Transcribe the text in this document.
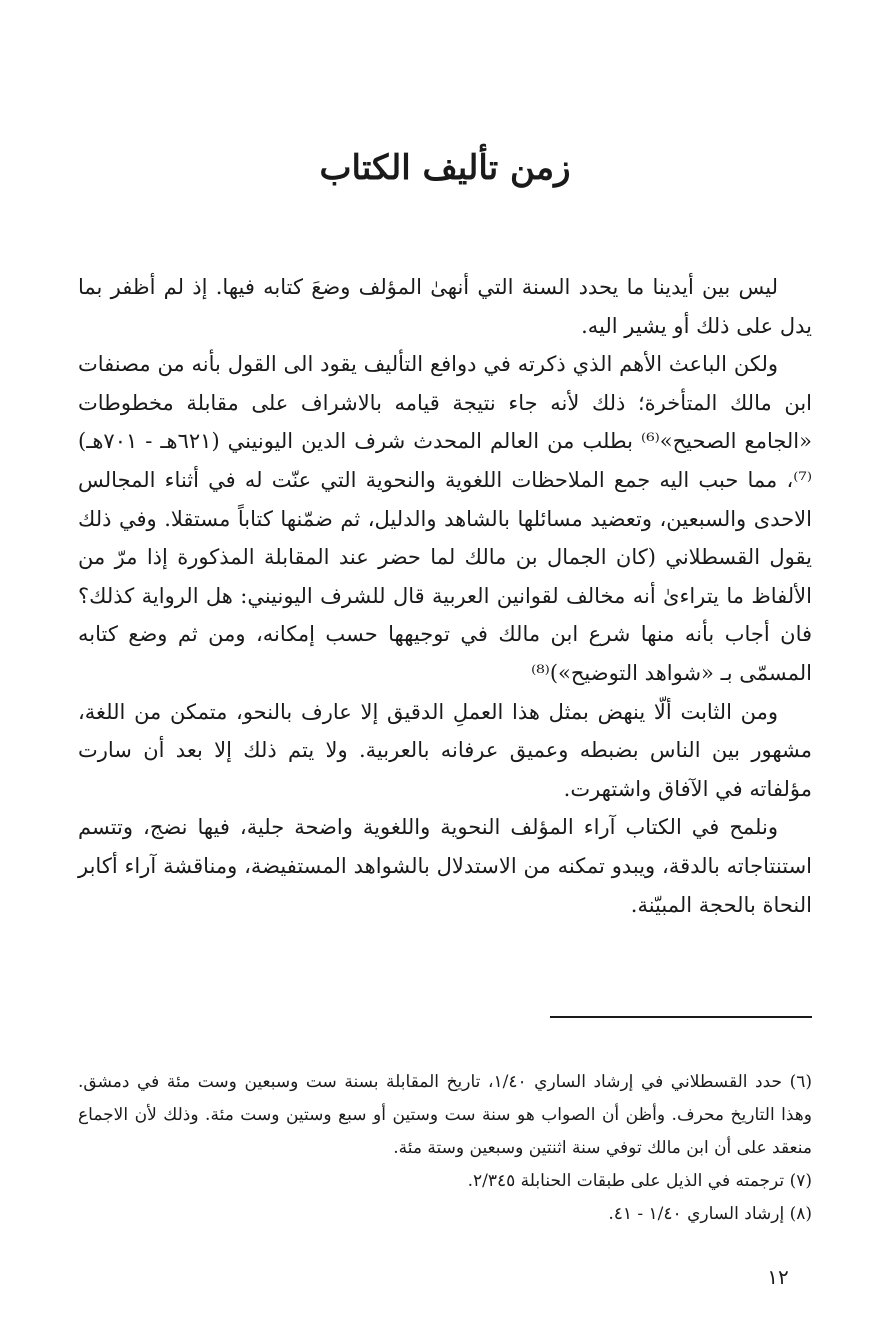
زمن تأليف الكتاب

ليس بين أيدينا ما يحدد السنة التي أنهىٰ المؤلف وضعَ كتابه فيها. إذ لم أظفر بما يدل على ذلك أو يشير اليه.

ولكن الباعث الأهم الذي ذكرته في دوافع التأليف يقود الى القول بأنه من مصنفات ابن مالك المتأخرة؛ ذلك لأنه جاء نتيجة قيامه بالاشراف على مقابلة مخطوطات «الجامع الصحيح»⁽⁶⁾ بطلب من العالم المحدث شرف الدين اليونيني (٦٢١هـ - ٧٠١هـ)⁽⁷⁾، مما حبب اليه جمع الملاحظات اللغوية والنحوية التي عنّت له في أثناء المجالس الاحدى والسبعين، وتعضيد مسائلها بالشاهد والدليل، ثم ضمّنها كتاباً مستقلا. وفي ذلك يقول القسطلاني (كان الجمال بن مالك لما حضر عند المقابلة المذكورة إذا مرّ من الألفاظ ما يتراءىٰ أنه مخالف لقوانين العربية قال للشرف اليونيني: هل الرواية كذلك؟ فان أجاب بأنه منها شرع ابن مالك في توجيهها حسب إمكانه، ومن ثم وضع كتابه المسمّى بـ «شواهد التوضيح»)⁽⁸⁾

ومن الثابت ألّا ينهض بمثل هذا العملِ الدقيق إلا عارف بالنحو، متمكن من اللغة، مشهور بين الناس بضبطه وعميق عرفانه بالعربية. ولا يتم ذلك إلا بعد أن سارت مؤلفاته في الآفاق واشتهرت.

ونلمح في الكتاب آراء المؤلف النحوية واللغوية واضحة جلية، فيها نضج، وتتسم استنتاجاته بالدقة، ويبدو تمكنه من الاستدلال بالشواهد المستفيضة، ومناقشة آراء أكابر النحاة بالحجة المبيّنة.

(٦) حدد القسطلاني في إرشاد الساري ١/٤٠، تاريخ المقابلة بسنة ست وسبعين وست مئة في دمشق. وهذا التاريخ محرف. وأظن أن الصواب هو سنة ست وستين أو سبع وستين وست مئة. وذلك لأن الاجماع منعقد على أن ابن مالك توفي سنة اثنتين وسبعين وستة مئة.

(٧) ترجمته في الذيل على طبقات الحنابلة ٢/٣٤٥.

(٨) إرشاد الساري ١/٤٠ - ٤١.

١٢
